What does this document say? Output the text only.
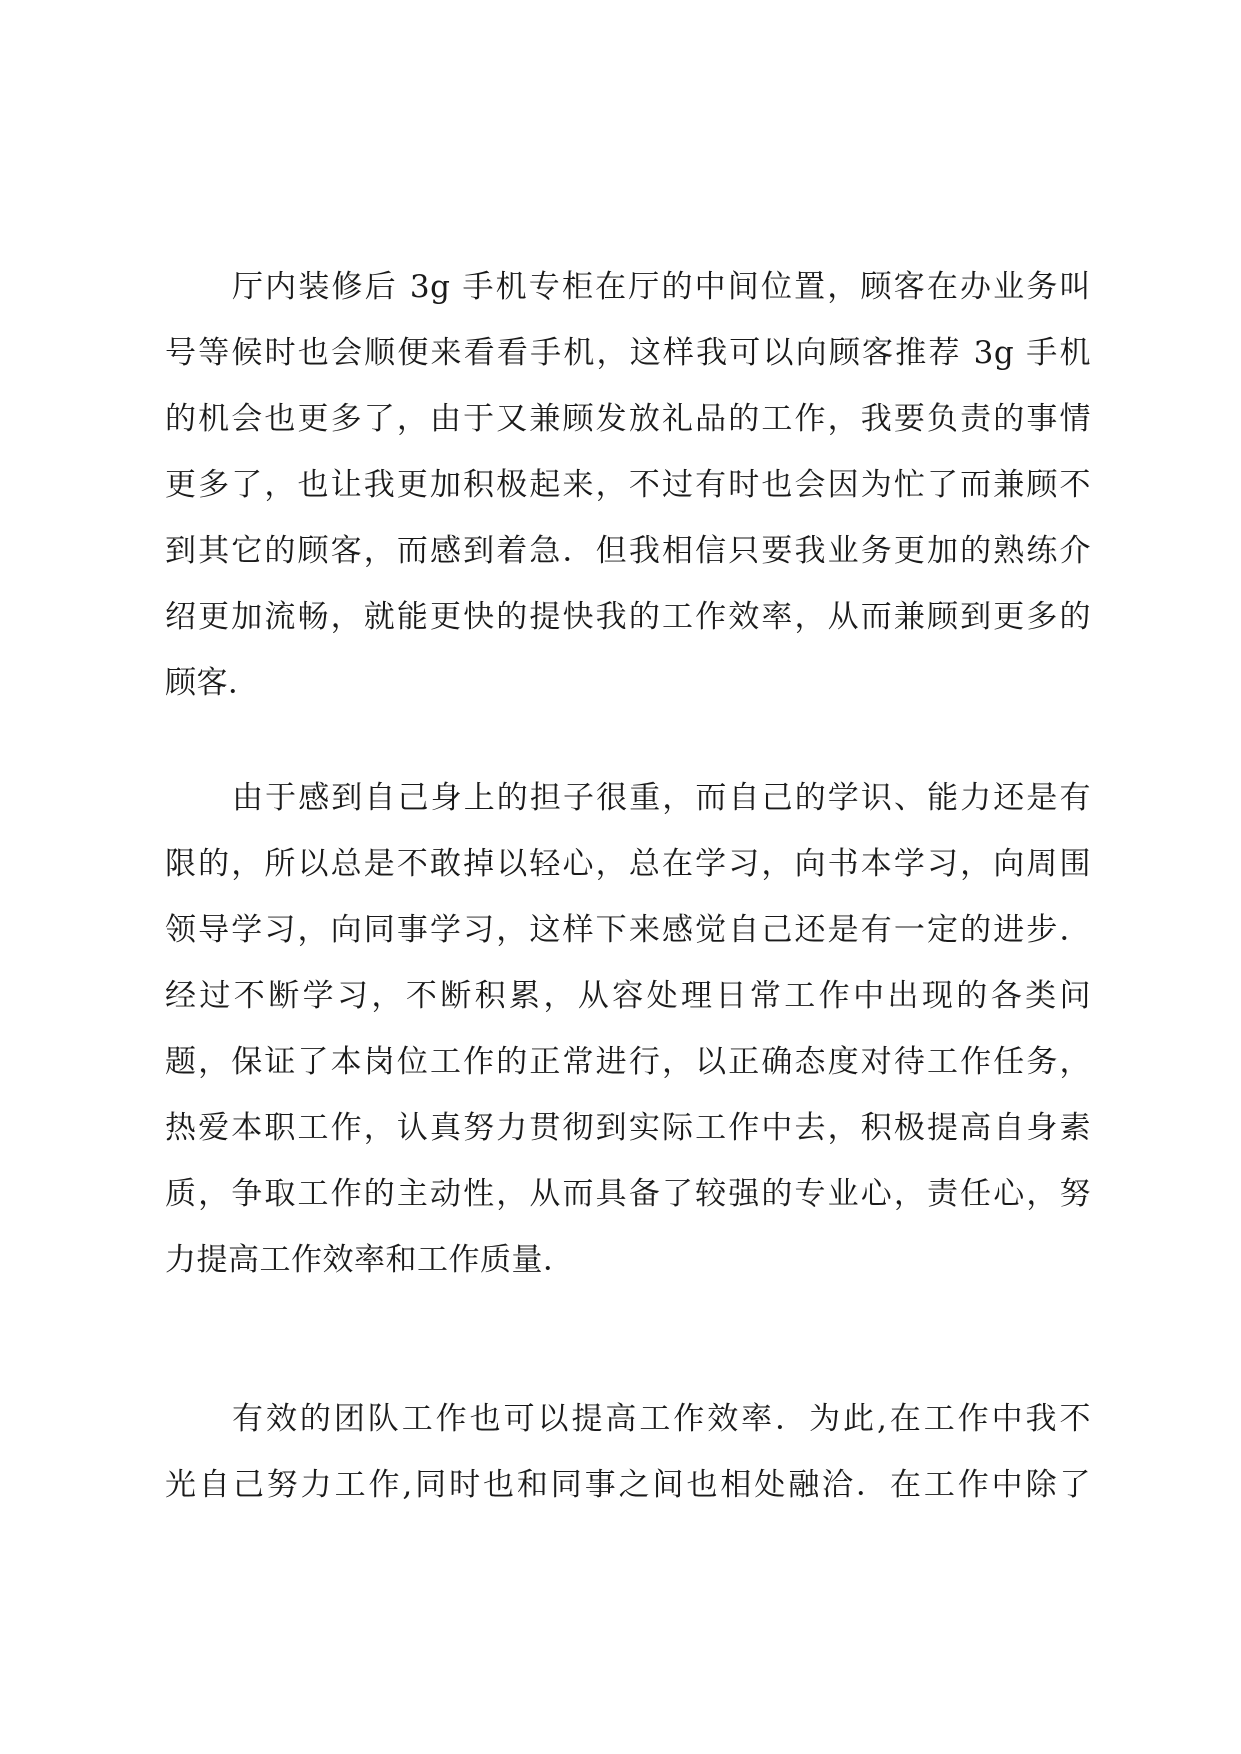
厅内装修后 3g 手机专柜在厅的中间位置，顾客在办业务叫
号等候时也会顺便来看看手机，这样我可以向顾客推荐 3g 手机
的机会也更多了，由于又兼顾发放礼品的工作，我要负责的事情
更多了，也让我更加积极起来，不过有时也会因为忙了而兼顾不
到其它的顾客，而感到着急．但我相信只要我业务更加的熟练介
绍更加流畅，就能更快的提快我的工作效率，从而兼顾到更多的
顾客．
由于感到自己身上的担子很重，而自己的学识、能力还是有
限的，所以总是不敢掉以轻心，总在学习，向书本学习，向周围
领导学习，向同事学习，这样下来感觉自己还是有一定的进步．
经过不断学习，不断积累，从容处理日常工作中出现的各类问
题，保证了本岗位工作的正常进行，以正确态度对待工作任务，
热爱本职工作，认真努力贯彻到实际工作中去，积极提高自身素
质，争取工作的主动性，从而具备了较强的专业心，责任心，努
力提高工作效率和工作质量．
有效的团队工作也可以提高工作效率．为此,在工作中我不
光自己努力工作,同时也和同事之间也相处融洽．在工作中除了
